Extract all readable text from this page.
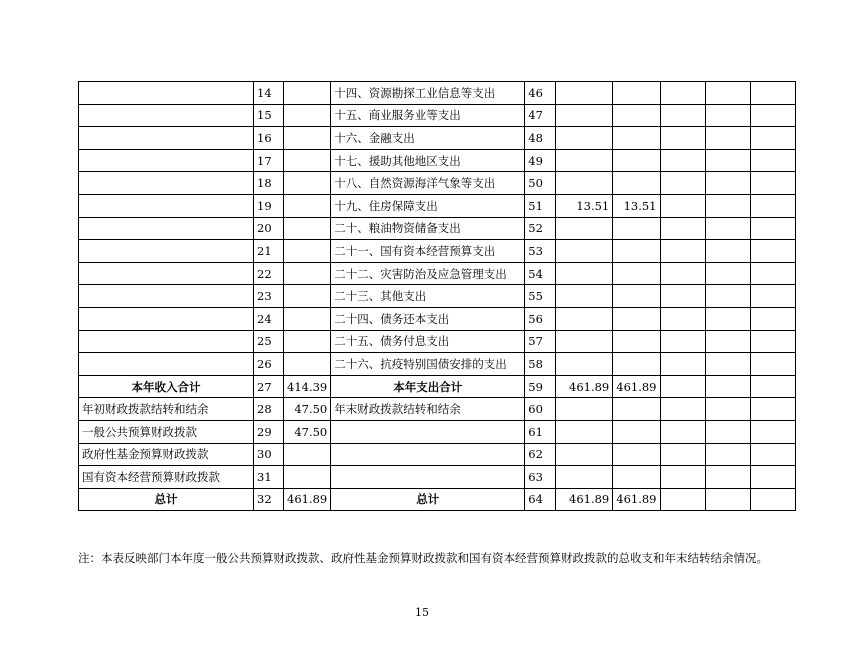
	14		十四、资源勘探工业信息等支出	46					
	15		十五、商业服务业等支出	47					
	16		十六、金融支出	48					
	17		十七、援助其他地区支出	49					
	18		十八、自然资源海洋气象等支出	50					
	19		十九、住房保障支出	51	13.51	13.51			
	20		二十、粮油物资储备支出	52					
	21		二十一、国有资本经营预算支出	53					
	22		二十二、灾害防治及应急管理支出	54					
	23		二十三、其他支出	55					
	24		二十四、债务还本支出	56					
	25		二十五、债务付息支出	57					
	26		二十六、抗疫特别国债安排的支出	58					
本年收入合计	27	414.39	本年支出合计	59	461.89	461.89			
年初财政拨款结转和结余	28	47.50	年末财政拨款结转和结余	60					
一般公共预算财政拨款	29	47.50		61					
政府性基金预算财政拨款	30			62					
国有资本经营预算财政拨款	31			63					
总计	32	461.89	总计	64	461.89	461.89			
注：本表反映部门本年度一般公共预算财政拨款、政府性基金预算财政拨款和国有资本经营预算财政拨款的总收支和年末结转结余情况。
15
